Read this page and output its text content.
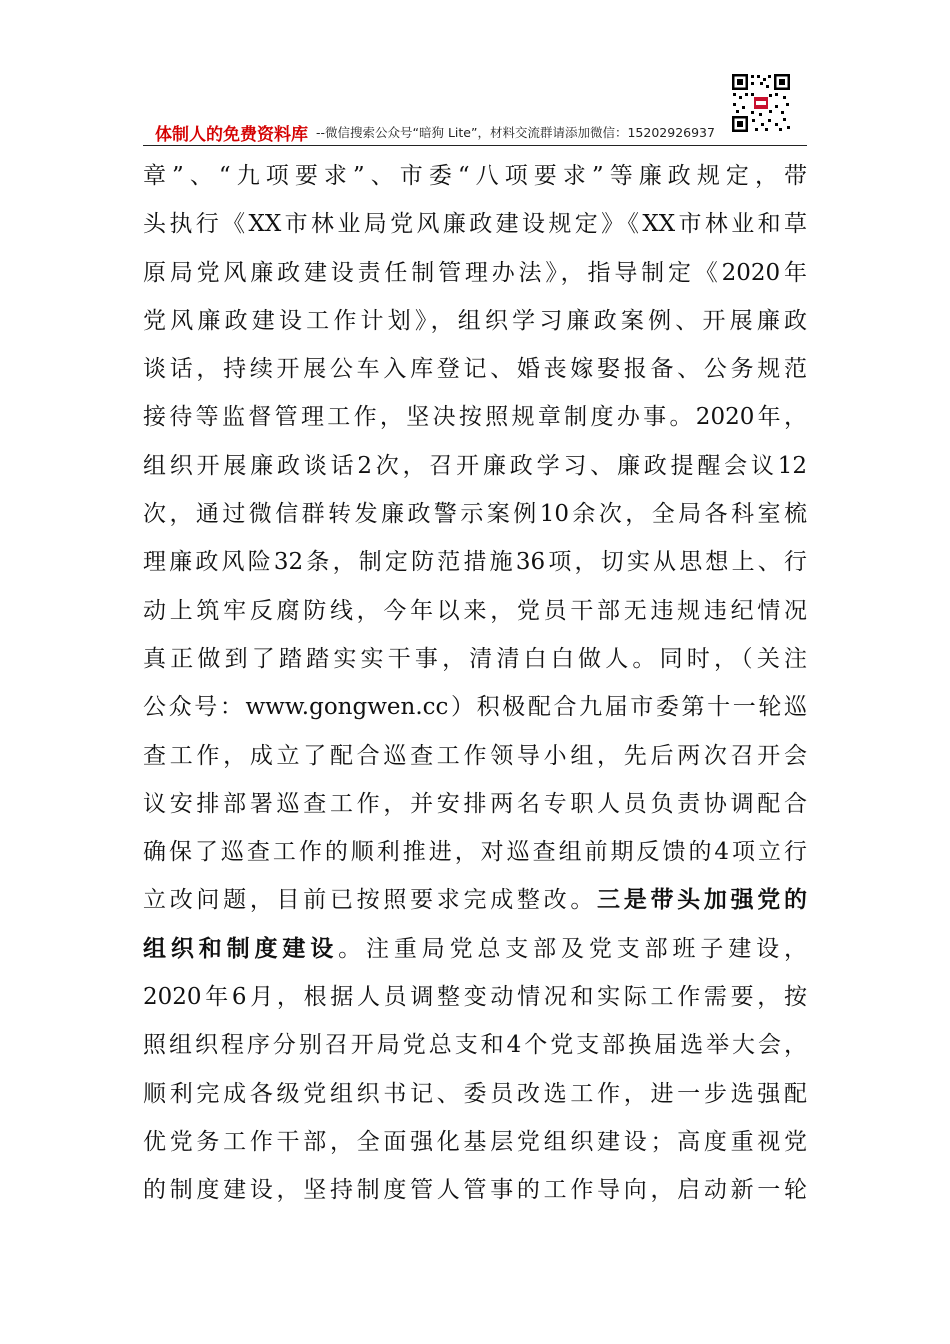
体制人的免费资料库 --微信搜索公众号“暗狗 Lite”，材料交流群请添加微信：15202926937
章”、“九项要求”、市委“八项要求”等廉政规定，带
头执行《XX市林业局党风廉政建设规定》《XX市林业和草
原局党风廉政建设责任制管理办法》，指导制定《2020年
党风廉政建设工作计划》，组织学习廉政案例、开展廉政
谈话，持续开展公车入库登记、婚丧嫁娶报备、公务规范
接待等监督管理工作，坚决按照规章制度办事。2020年，
组织开展廉政谈话2次，召开廉政学习、廉政提醒会议12
次，通过微信群转发廉政警示案例10余次，全局各科室梳
理廉政风险32条，制定防范措施36项，切实从思想上、行
动上筑牢反腐防线，今年以来，党员干部无违规违纪情况
真正做到了踏踏实实干事，清清白白做人。同时，（关注
公众号：www.gongwen.cc）积极配合九届市委第十一轮巡
查工作，成立了配合巡查工作领导小组，先后两次召开会
议安排部署巡查工作，并安排两名专职人员负责协调配合
确保了巡查工作的顺利推进，对巡查组前期反馈的4项立行
立改问题，目前已按照要求完成整改。三是带头加强党的
组织和制度建设。注重局党总支部及党支部班子建设，
2020年6月，根据人员调整变动情况和实际工作需要，按
照组织程序分别召开局党总支和4个党支部换届选举大会，
顺利完成各级党组织书记、委员改选工作，进一步选强配
优党务工作干部，全面强化基层党组织建设；高度重视党
的制度建设，坚持制度管人管事的工作导向，启动新一轮
